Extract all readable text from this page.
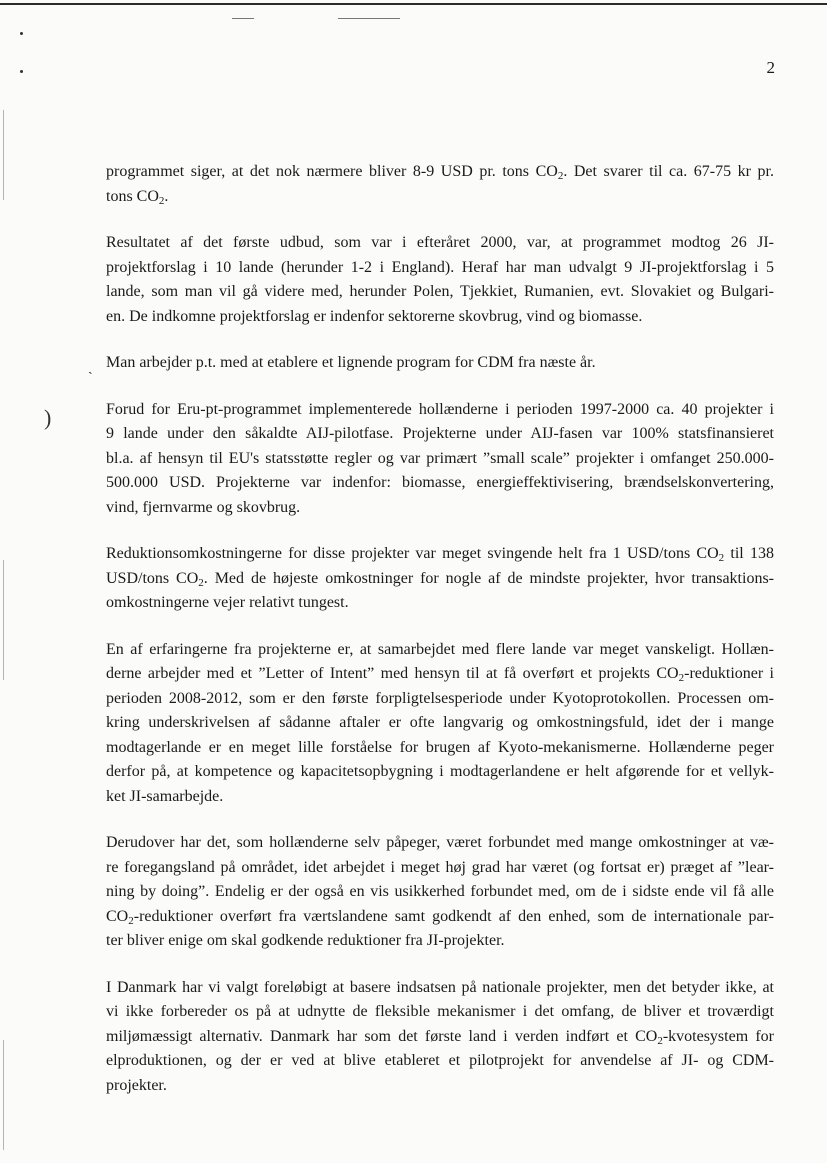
2
ˎ
)

programmet siger, at det nok nærmere bliver 8-9 USD pr. tons $CO_2$. Det svarer til ca. 67-75 kr pr.
tons $CO_2$.

Resultatet af det første udbud, som var i efteråret 2000, var, at programmet modtog 26 JI-
projektforslag i 10 lande (herunder 1-2 i England). Heraf har man udvalgt 9 JI-projektforslag i 5
lande, som man vil gå videre med, herunder Polen, Tjekkiet, Rumanien, evt. Slovakiet og Bulgari-
en. De indkomne projektforslag er indenfor sektorerne skovbrug, vind og biomasse.

Man arbejder p.t. med at etablere et lignende program for CDM fra næste år.

Forud for Eru-pt-programmet implementerede hollænderne i perioden 1997-2000 ca. 40 projekter i
9 lande under den såkaldte AIJ-pilotfase. Projekterne under AIJ-fasen var 100% statsfinansieret
bl.a. af hensyn til EU's statsstøtte regler og var primært ”small scale” projekter i omfanget 250.000-
500.000 USD. Projekterne var indenfor: biomasse, energieffektivisering, brændselskonvertering,
vind, fjernvarme og skovbrug.

Reduktionsomkostningerne for disse projekter var meget svingende helt fra 1 USD/tons $CO_2$ til 138
USD/tons $CO_2$. Med de højeste omkostninger for nogle af de mindste projekter, hvor transaktions-
omkostningerne vejer relativt tungest.

En af erfaringerne fra projekterne er, at samarbejdet med flere lande var meget vanskeligt. Hollæn-
derne arbejder med et ”Letter of Intent” med hensyn til at få overført et projekts $CO_2$-reduktioner i
perioden 2008-2012, som er den første forpligtelsesperiode under Kyotoprotokollen. Processen om-
kring underskrivelsen af sådanne aftaler er ofte langvarig og omkostningsfuld, idet der i mange
modtagerlande er en meget lille forståelse for brugen af Kyoto-mekanismerne. Hollænderne peger
derfor på, at kompetence og kapacitetsopbygning i modtagerlandene er helt afgørende for et vellyk-
ket JI-samarbejde.

Derudover har det, som hollænderne selv påpeger, været forbundet med mange omkostninger at væ-
re foregangsland på området, idet arbejdet i meget høj grad har været (og fortsat er) præget af ”lear-
ning by doing”. Endelig er der også en vis usikkerhed forbundet med, om de i sidste ende vil få alle
$CO_2$-reduktioner overført fra værtslandene samt godkendt af den enhed, som de internationale par-
ter bliver enige om skal godkende reduktioner fra JI-projekter.

I Danmark har vi valgt foreløbigt at basere indsatsen på nationale projekter, men det betyder ikke, at
vi ikke forbereder os på at udnytte de fleksible mekanismer i det omfang, de bliver et troværdigt
miljømæssigt alternativ. Danmark har som det første land i verden indført et $CO_2$-kvotesystem for
elproduktionen, og der er ved at blive etableret et pilotprojekt for anvendelse af JI- og CDM-
projekter.
